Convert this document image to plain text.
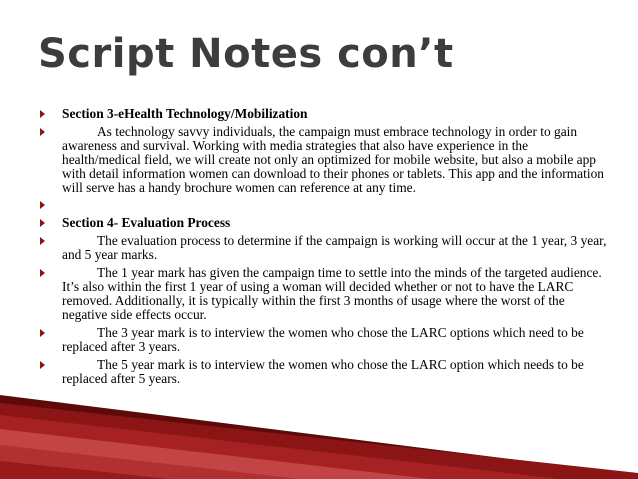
Script Notes con’t
Section 3-eHealth Technology/Mobilization
As technology savvy individuals, the campaign must embrace technology in order to gain awareness and survival. Working with media strategies that also have experience in the health/medical field, we will create not only an optimized for mobile website, but also a mobile app with detail information women can download to their phones or tablets. This app and the information will serve has a handy brochure women can reference at any time.
Section 4- Evaluation Process
The evaluation process to determine if the campaign is working will occur at the 1 year, 3 year, and 5 year marks.
The 1 year mark has given the campaign time to settle into the minds of the targeted audience. It’s also within the first 1 year of using a woman will decided whether or not to have the LARC removed. Additionally, it is typically within the first 3 months of usage where the worst of the negative side effects occur.
The 3 year mark is to interview the women who chose the LARC options which need to be replaced after 3 years.
The 5 year mark is to interview the women who chose the LARC option which needs to be replaced after 5 years.
